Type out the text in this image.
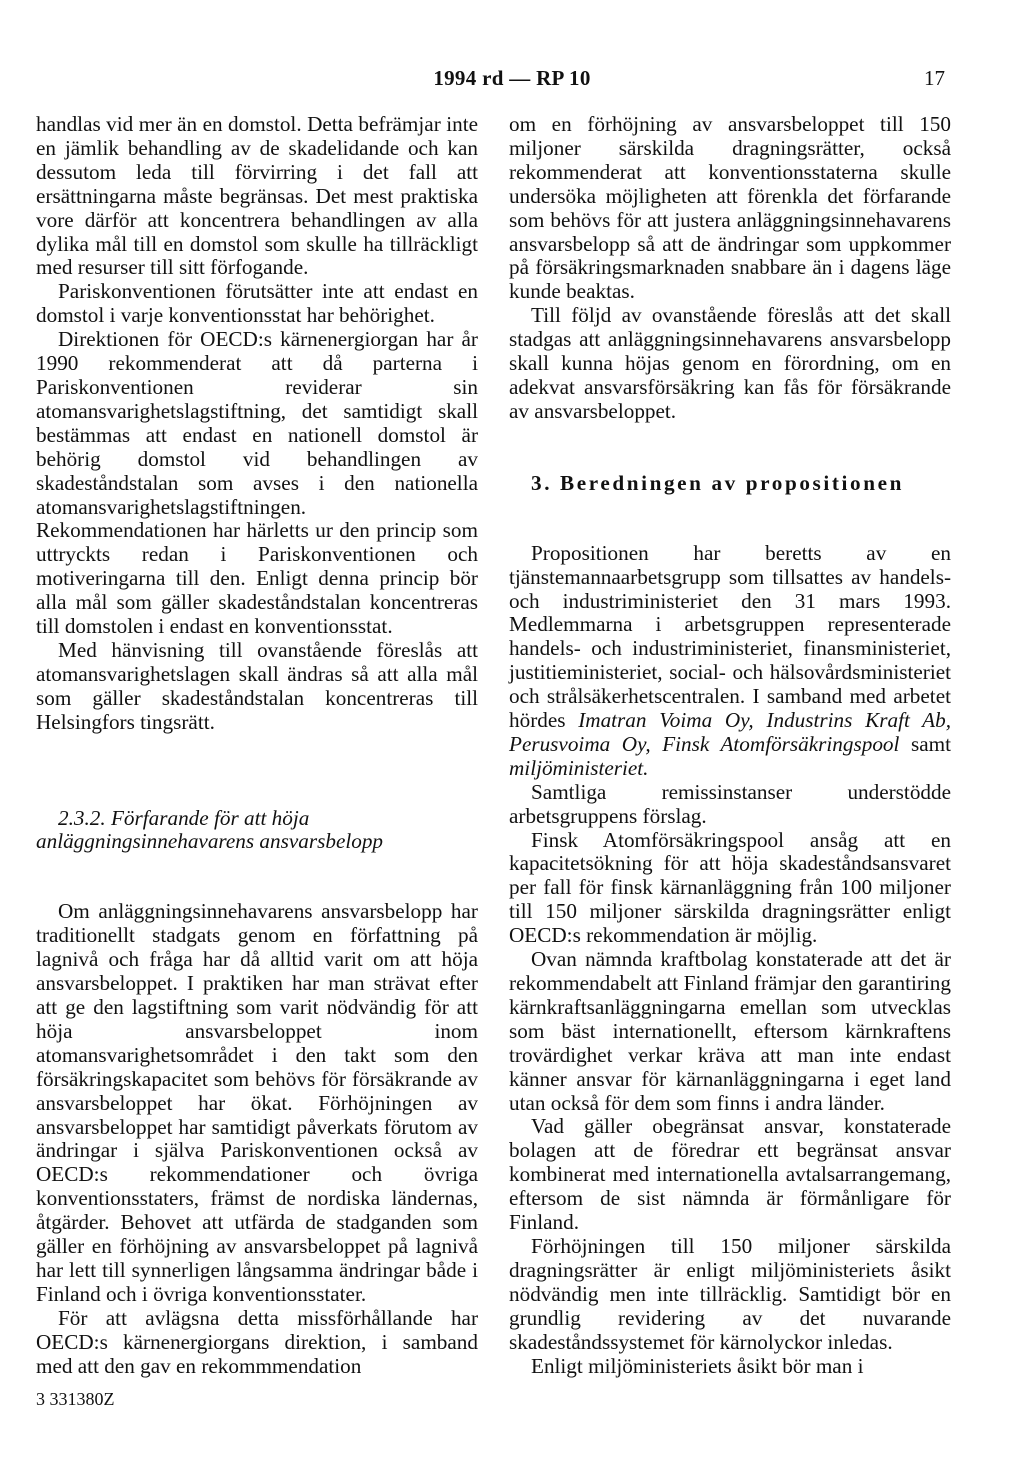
1994 rd — RP 10	17

handlas vid mer än en domstol. Detta befrämjar inte en jämlik behandling av de skadelidande och kan dessutom leda till förvirring i det fall att ersättningarna måste begränsas. Det mest praktiska vore därför att koncentrera behandlingen av alla dylika mål till en domstol som skulle ha tillräckligt med resurser till sitt förfogande.

Pariskonventionen förutsätter inte att endast en domstol i varje konventionsstat har behörighet.

Direktionen för OECD:s kärnenergiorgan har år 1990 rekommenderat att då parterna i Pariskonventionen reviderar sin atomansvarighetslagstiftning, det samtidigt skall bestämmas att endast en nationell domstol är behörig domstol vid behandlingen av skadeståndstalan som avses i den nationella atomansvarighetslagstiftningen. Rekommendationen har härletts ur den princip som uttryckts redan i Pariskonventionen och motiveringarna till den. Enligt denna princip bör alla mål som gäller skadeståndstalan koncentreras till domstolen i endast en konventionsstat.

Med hänvisning till ovanstående föreslås att atomansvarighetslagen skall ändras så att alla mål som gäller skadeståndstalan koncentreras till Helsingfors tingsrätt.

2.3.2. Förfarande för att höja anläggningsinnehavarens ansvarsbelopp

Om anläggningsinnehavarens ansvarsbelopp har traditionellt stadgats genom en författning på lagnivå och fråga har då alltid varit om att höja ansvarsbeloppet. I praktiken har man strävat efter att ge den lagstiftning som varit nödvändig för att höja ansvarsbeloppet inom atomansvarighetsområdet i den takt som den försäkringskapacitet som behövs för försäkrande av ansvarsbeloppet har ökat. Förhöjningen av ansvarsbeloppet har samtidigt påverkats förutom av ändringar i själva Pariskonventionen också av OECD:s rekommendationer och övriga konventionsstaters, främst de nordiska ländernas, åtgärder. Behovet att utfärda de stadganden som gäller en förhöjning av ansvarsbeloppet på lagnivå har lett till synnerligen långsamma ändringar både i Finland och i övriga konventionsstater.

För att avlägsna detta missförhållande har OECD:s kärnenergiorgans direktion, i samband med att den gav en rekommmendation

om en förhöjning av ansvarsbeloppet till 150 miljoner särskilda dragningsrätter, också rekommenderat att konventionsstaterna skulle undersöka möjligheten att förenkla det förfarande som behövs för att justera anläggningsinnehavarens ansvarsbelopp så att de ändringar som uppkommer på försäkringsmarknaden snabbare än i dagens läge kunde beaktas.

Till följd av ovanstående föreslås att det skall stadgas att anläggningsinnehavarens ansvarsbelopp skall kunna höjas genom en förordning, om en adekvat ansvarsförsäkring kan fås för försäkrande av ansvarsbeloppet.

3. Beredningen av propositionen

Propositionen har beretts av en tjänstemannaarbetsgrupp som tillsattes av handels- och industriministeriet den 31 mars 1993. Medlemmarna i arbetsgruppen representerade handels- och industriministeriet, finansministeriet, justitieministeriet, social- och hälsovårdsministeriet och strålsäkerhetscentralen. I samband med arbetet hördes Imatran Voima Oy, Industrins Kraft Ab, Perusvoima Oy, Finsk Atomförsäkringspool samt miljöministeriet.

Samtliga remissinstanser understödde arbetsgruppens förslag.

Finsk Atomförsäkringspool ansåg att en kapacitetsökning för att höja skadeståndsansvaret per fall för finsk kärnanläggning från 100 miljoner till 150 miljoner särskilda dragningsrätter enligt OECD:s rekommendation är möjlig.

Ovan nämnda kraftbolag konstaterade att det är rekommendabelt att Finland främjar den garantiring kärnkraftsanläggningarna emellan som utvecklas som bäst internationellt, eftersom kärnkraftens trovärdighet verkar kräva att man inte endast känner ansvar för kärnanläggningarna i eget land utan också för dem som finns i andra länder.

Vad gäller obegränsat ansvar, konstaterade bolagen att de föredrar ett begränsat ansvar kombinerat med internationella avtalsarrangemang, eftersom de sist nämnda är förmånligare för Finland.

Förhöjningen till 150 miljoner särskilda dragningsrätter är enligt miljöministeriets åsikt nödvändig men inte tillräcklig. Samtidigt bör en grundlig revidering av det nuvarande skadeståndssystemet för kärnolyckor inledas.

Enligt miljöministeriets åsikt bör man i

3 331380Z
